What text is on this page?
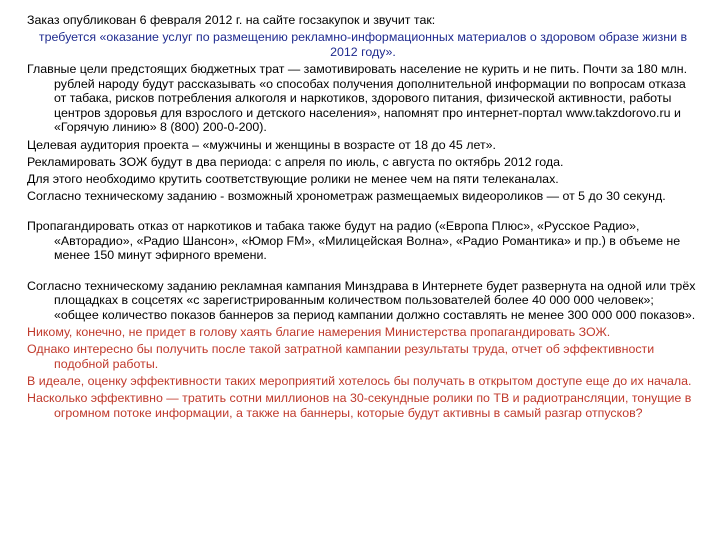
Заказ опубликован 6 февраля 2012 г. на сайте госзакупок и звучит так:

требуется «оказание услуг по размещению рекламно-информационных материалов о здоровом образе жизни в 2012 году».

Главные цели предстоящих бюджетных трат — замотивировать население не курить и не пить. Почти за 180 млн. рублей народу будут рассказывать «о способах получения дополнительной информации по вопросам отказа от табака, рисков потребления алкоголя и наркотиков, здорового питания, физической активности, работы центров здоровья для взрослого и детского населения», напомнят про интернет-портал www.takzdorovo.ru и «Горячую линию» 8 (800) 200-0-200).

Целевая аудитория проекта – «мужчины и женщины в возрасте от 18 до 45 лет».

Рекламировать ЗОЖ будут в два периода: с апреля по июль, с августа по октябрь 2012 года.

Для этого необходимо крутить соответствующие ролики не менее чем на пяти телеканалах.

Согласно техническому заданию - возможный хронометраж размещаемых видеороликов — от 5 до 30 секунд.

Пропагандировать отказ от наркотиков и табака также будут на радио («Европа Плюс», «Русское Радио», «Авторадио», «Радио Шансон», «Юмор FM», «Милицейская Волна», «Радио Романтика» и пр.) в объеме не менее 150 минут эфирного времени.

Согласно техническому заданию рекламная кампания Минздрава в Интернете будет развернута на одной или трёх площадках в соцсетях «с зарегистрированным количеством пользователей более 40 000 000 человек»; «общее количество показов баннеров за период кампании должно составлять не менее 300 000 000 показов».

Никому, конечно, не придет в голову хаять благие намерения Министерства пропагандировать ЗОЖ.

Однако интересно бы получить после такой затратной кампании результаты труда, отчет об эффективности подобной работы.

В идеале, оценку эффективности таких мероприятий хотелось бы получать в открытом доступе еще до их начала.

Насколько эффективно — тратить сотни миллионов на 30-секундные ролики по ТВ и радиотрансляции, тонущие в огромном потоке информации, а также на баннеры, которые будут активны в самый разгар отпусков?
